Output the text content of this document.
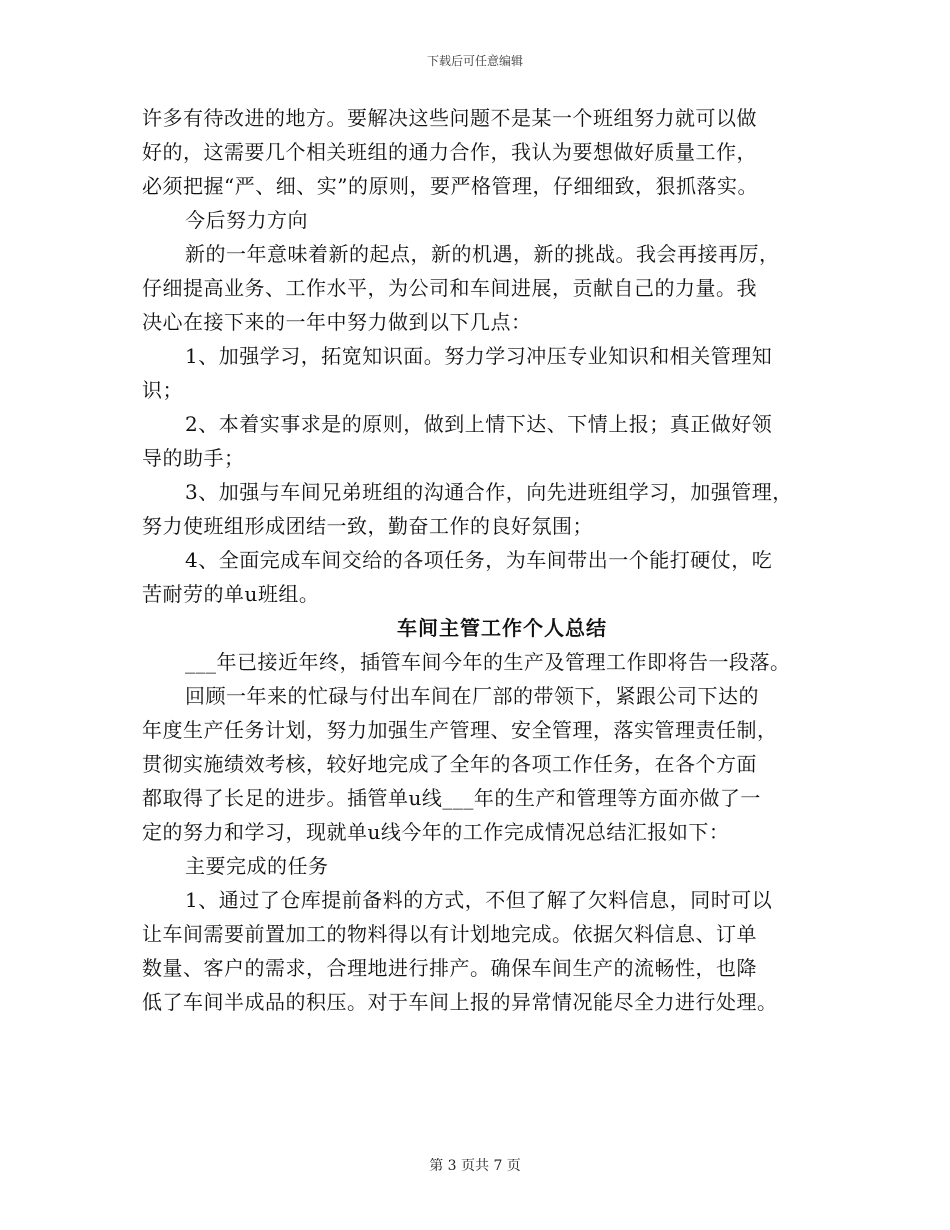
下载后可任意编辑
许多有待改进的地方。要解决这些问题不是某一个班组努力就可以做
好的，这需要几个相关班组的通力合作，我认为要想做好质量工作，
必须把握“严、细、实”的原则，要严格管理，仔细细致，狠抓落实。
今后努力方向
新的一年意味着新的起点，新的机遇，新的挑战。我会再接再厉，
仔细提高业务、工作水平，为公司和车间进展，贡献自己的力量。我
决心在接下来的一年中努力做到以下几点：
1、加强学习，拓宽知识面。努力学习冲压专业知识和相关管理知
识；
2、本着实事求是的原则，做到上情下达、下情上报；真正做好领
导的助手；
3、加强与车间兄弟班组的沟通合作，向先进班组学习，加强管理，
努力使班组形成团结一致，勤奋工作的良好氛围；
4、全面完成车间交给的各项任务，为车间带出一个能打硬仗，吃
苦耐劳的单u班组。
车间主管工作个人总结
___年已接近年终，插管车间今年的生产及管理工作即将告一段落。
回顾一年来的忙碌与付出车间在厂部的带领下，紧跟公司下达的
年度生产任务计划，努力加强生产管理、安全管理，落实管理责任制，
贯彻实施绩效考核，较好地完成了全年的各项工作任务，在各个方面
都取得了长足的进步。插管单u线___年的生产和管理等方面亦做了一
定的努力和学习，现就单u线今年的工作完成情况总结汇报如下：
主要完成的任务
1、通过了仓库提前备料的方式，不但了解了欠料信息，同时可以
让车间需要前置加工的物料得以有计划地完成。依据欠料信息、订单
数量、客户的需求，合理地进行排产。确保车间生产的流畅性，也降
低了车间半成品的积压。对于车间上报的异常情况能尽全力进行处理。
第 3 页共 7 页
